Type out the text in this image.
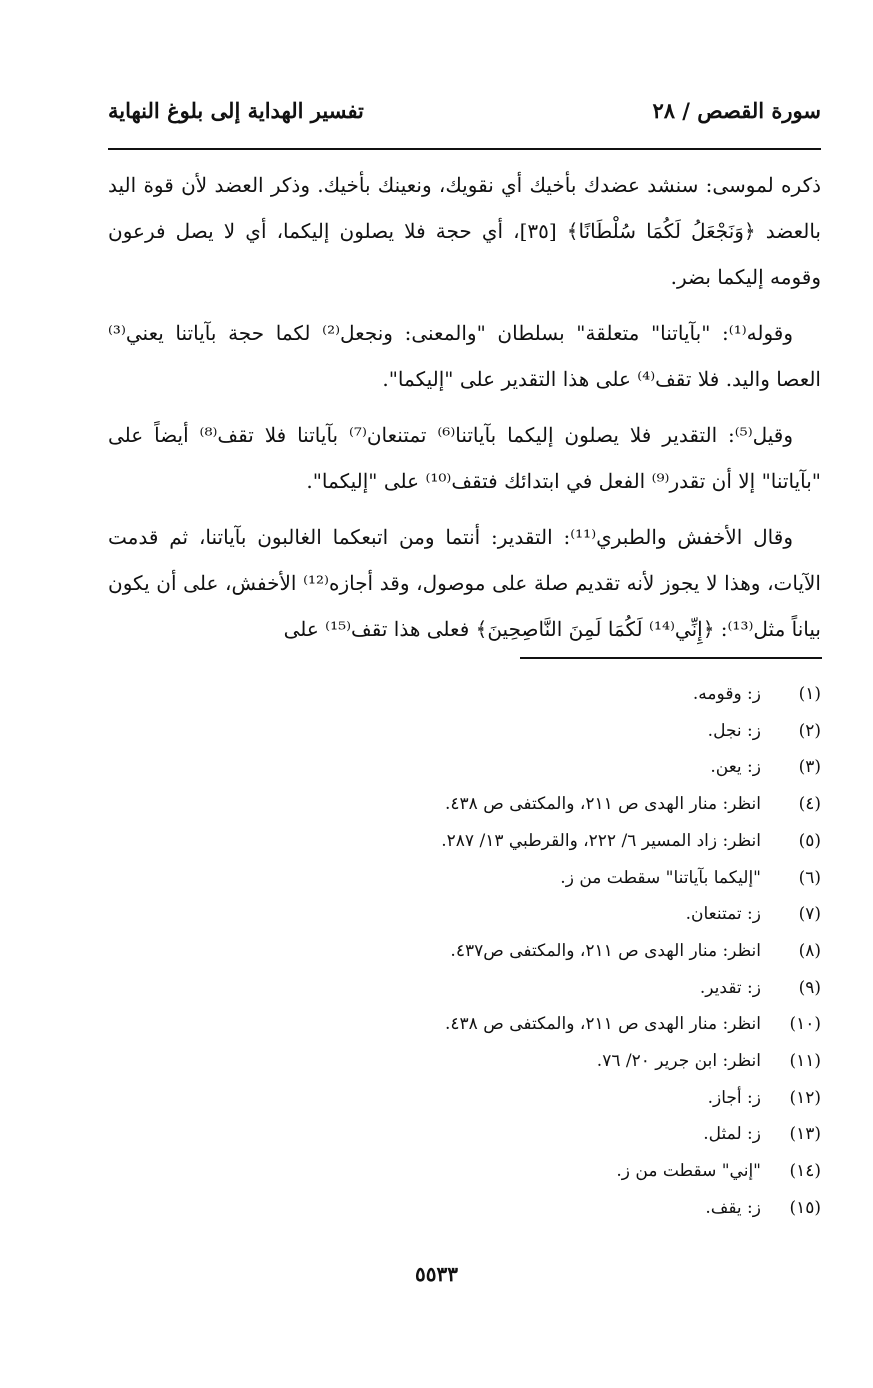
تفسير الهداية إلى بلوغ النهاية	سورة القصص / ٢٨

ذكره لموسى: سنشد عضدك بأخيك أي نقويك، ونعينك بأخيك. وذكر العضد لأن قوة اليد بالعضد ﴿وَنَجْعَلُ لَكُمَا سُلْطَانًا﴾ [٣٥]، أي حجة فلا يصلون إليكما، أي لا يصل فرعون وقومه إليكما بضر.

وقوله⁽¹⁾: "بآياتنا" متعلقة" بسلطان "والمعنى: ونجعل⁽²⁾ لكما حجة بآياتنا يعني⁽³⁾ العصا واليد. فلا تقف⁽⁴⁾ على هذا التقدير على "إليكما".

وقيل⁽⁵⁾: التقدير فلا يصلون إليكما بآياتنا⁽⁶⁾ تمتنعان⁽⁷⁾ بآياتنا فلا تقف⁽⁸⁾ أيضاً على "بآياتنا" إلا أن تقدر⁽⁹⁾ الفعل في ابتدائك فتقف⁽¹⁰⁾ على "إليكما".

وقال الأخفش والطبري⁽¹¹⁾: التقدير: أنتما ومن اتبعكما الغالبون بآياتنا، ثم قدمت الآيات، وهذا لا يجوز لأنه تقديم صلة على موصول، وقد أجازه⁽¹²⁾ الأخفش، على أن يكون بياناً مثل⁽¹³⁾: ﴿إِنِّي⁽¹⁴⁾ لَكُمَا لَمِنَ النَّاصِحِينَ﴾ فعلى هذا تقف⁽¹⁵⁾ على

(١)
ز: وقومه.
(٢)
ز: نجل.
(٣)
ز: يعن.
(٤)
انظر: منار الهدى ص ٢١١، والمكتفى ص ٤٣٨.
(٥)
انظر: زاد المسير ٦/ ٢٢٢، والقرطبي ١٣/ ٢٨٧.
(٦)
"إليكما بآياتنا" سقطت من ز.
(٧)
ز: تمتنعان.
(٨)
انظر: منار الهدى ص ٢١١، والمكتفى ص٤٣٧.
(٩)
ز: تقدير.
(١٠)
انظر: منار الهدى ص ٢١١، والمكتفى ص ٤٣٨.
(١١)
انظر: ابن جرير ٢٠/ ٧٦.
(١٢)
ز: أجاز.
(١٣)
ز: لمثل.
(١٤)
"إني" سقطت من ز.
(١٥)
ز: يقف.
٥٥٣٣
